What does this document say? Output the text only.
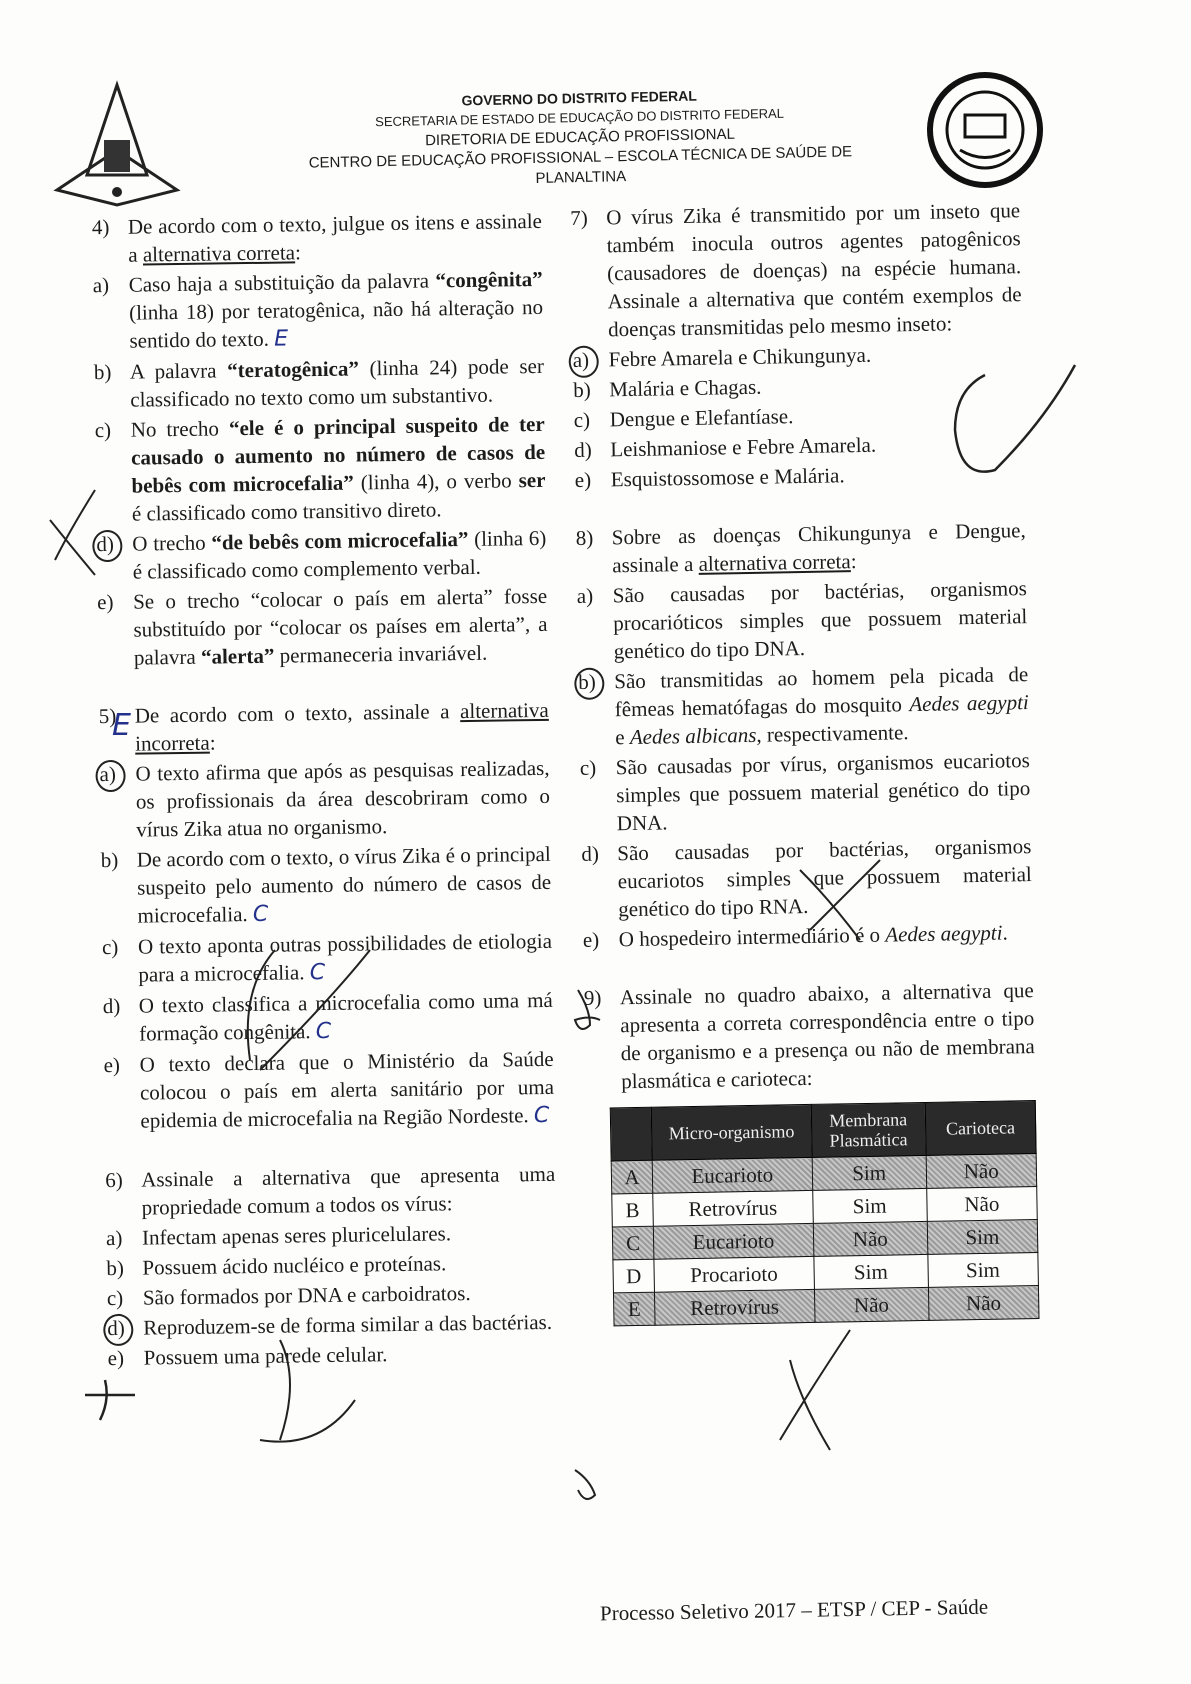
GOVERNO DO DISTRITO FEDERAL
SECRETARIA DE ESTADO DE EDUCAÇÃO DO DISTRITO FEDERAL
DIRETORIA DE EDUCAÇÃO PROFISSIONAL
CENTRO DE EDUCAÇÃO PROFISSIONAL – ESCOLA TÉCNICA DE SAÚDE DE PLANALTINA
4) De acordo com o texto, julgue os itens e assinale a alternativa correta:
a) Caso haja a substituição da palavra “congênita” (linha 18) por teratogênica, não há alteração no sentido do texto. E
b) A palavra “teratogênica” (linha 24) pode ser classificado no texto como um substantivo.
c) No trecho “ele é o principal suspeito de ter causado o aumento no número de casos de bebês com microcefalia” (linha 4), o verbo ser é classificado como transitivo direto.
d) O trecho “de bebês com microcefalia” (linha 6) é classificado como complemento verbal.
e) Se o trecho “colocar o país em alerta” fosse substituído por “colocar os países em alerta”, a palavra “alerta” permaneceria invariável.
5) De acordo com o texto, assinale a alternativa incorreta:
a) O texto afirma que após as pesquisas realizadas, os profissionais da área descobriram como o vírus Zika atua no organismo.
b) De acordo com o texto, o vírus Zika é o principal suspeito pelo aumento do número de casos de microcefalia. C
c) O texto aponta outras possibilidades de etiologia para a microcefalia. C
d) O texto classifica a microcefalia como uma má formação congênita. C
e) O texto declara que o Ministério da Saúde colocou o país em alerta sanitário por uma epidemia de microcefalia na Região Nordeste. C
6) Assinale a alternativa que apresenta uma propriedade comum a todos os vírus:
a) Infectam apenas seres pluricelulares.
b) Possuem ácido nucléico e proteínas.
c) São formados por DNA e carboidratos.
d) Reproduzem-se de forma similar a das bactérias.
e) Possuem uma parede celular.
7) O vírus Zika é transmitido por um inseto que também inocula outros agentes patogênicos (causadores de doenças) na espécie humana. Assinale a alternativa que contém exemplos de doenças transmitidas pelo mesmo inseto:
a) Febre Amarela e Chikungunya.
b) Malária e Chagas.
c) Dengue e Elefantíase.
d) Leishmaniose e Febre Amarela.
e) Esquistossomose e Malária.
8) Sobre as doenças Chikungunya e Dengue, assinale a alternativa correta:
a) São causadas por bactérias, organismos procarióticos simples que possuem material genético do tipo DNA.
b) São transmitidas ao homem pela picada de fêmeas hematófagas do mosquito Aedes aegypti e Aedes albicans, respectivamente.
c) São causadas por vírus, organismos eucariotos simples que possuem material genético do tipo DNA.
d) São causadas por bactérias, organismos eucariotos simples que possuem material genético do tipo RNA.
e) O hospedeiro intermediário é o Aedes aegypti.
9) Assinale no quadro abaixo, a alternativa que apresenta a correta correspondência entre o tipo de organismo e a presença ou não de membrana plasmática e carioteca:
	Micro-organismo	Membrana Plasmática	Carioteca
A	Eucarioto	Sim	Não
B	Retrovírus	Sim	Não
C	Eucarioto	Não	Sim
D	Procarioto	Sim	Sim
E	Retrovírus	Não	Não
E
Processo Seletivo 2017 – ETSP / CEP - Saúde
